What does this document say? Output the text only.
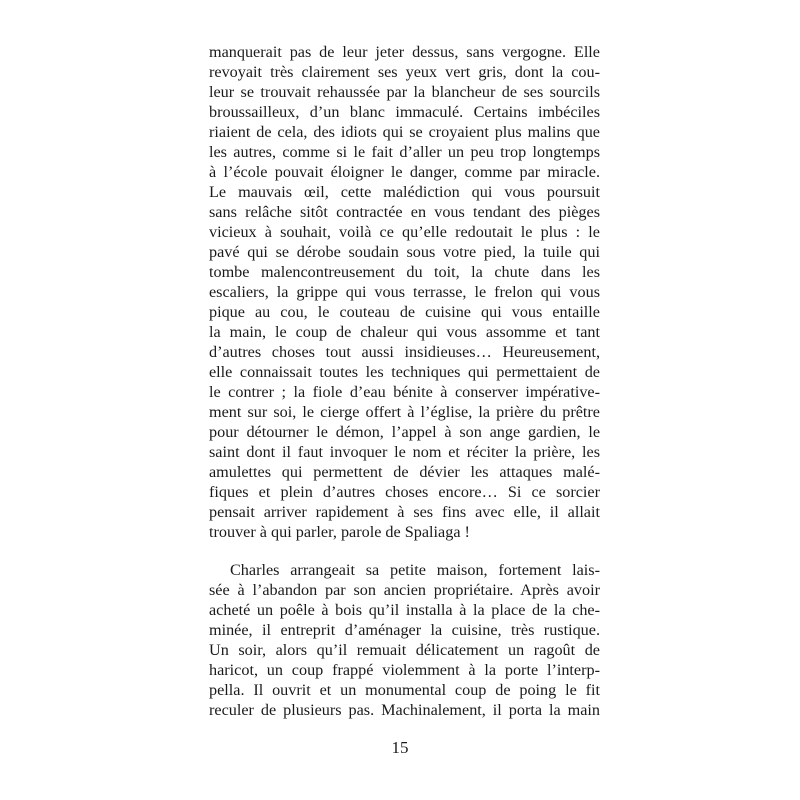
manquerait pas de leur jeter dessus, sans vergogne. Elle
revoyait très clairement ses yeux vert gris, dont la cou-
leur se trouvait rehaussée par la blancheur de ses sourcils
broussailleux, d’un blanc immaculé. Certains imbéciles
riaient de cela, des idiots qui se croyaient plus malins que
les autres, comme si le fait d’aller un peu trop longtemps
à l’école pouvait éloigner le danger, comme par miracle.
Le mauvais œil, cette malédiction qui vous poursuit
sans relâche sitôt contractée en vous tendant des pièges
vicieux à souhait, voilà ce qu’elle redoutait le plus : le
pavé qui se dérobe soudain sous votre pied, la tuile qui
tombe malencontreusement du toit, la chute dans les
escaliers, la grippe qui vous terrasse, le frelon qui vous
pique au cou, le couteau de cuisine qui vous entaille
la main, le coup de chaleur qui vous assomme et tant
d’autres choses tout aussi insidieuses… Heureusement,
elle connaissait toutes les techniques qui permettaient de
le contrer ; la fiole d’eau bénite à conserver impérative-
ment sur soi, le cierge offert à l’église, la prière du prêtre
pour détourner le démon, l’appel à son ange gardien, le
saint dont il faut invoquer le nom et réciter la prière, les
amulettes qui permettent de dévier les attaques malé-
fiques et plein d’autres choses encore… Si ce sorcier
pensait arriver rapidement à ses fins avec elle, il allait
trouver à qui parler, parole de Spaliaga !
Charles arrangeait sa petite maison, fortement lais-
sée à l’abandon par son ancien propriétaire. Après avoir
acheté un poêle à bois qu’il installa à la place de la che-
minée, il entreprit d’aménager la cuisine, très rustique.
Un soir, alors qu’il remuait délicatement un ragoût de
haricot, un coup frappé violemment à la porte l’interp-
pella. Il ouvrit et un monumental coup de poing le fit
reculer de plusieurs pas. Machinalement, il porta la main
15
